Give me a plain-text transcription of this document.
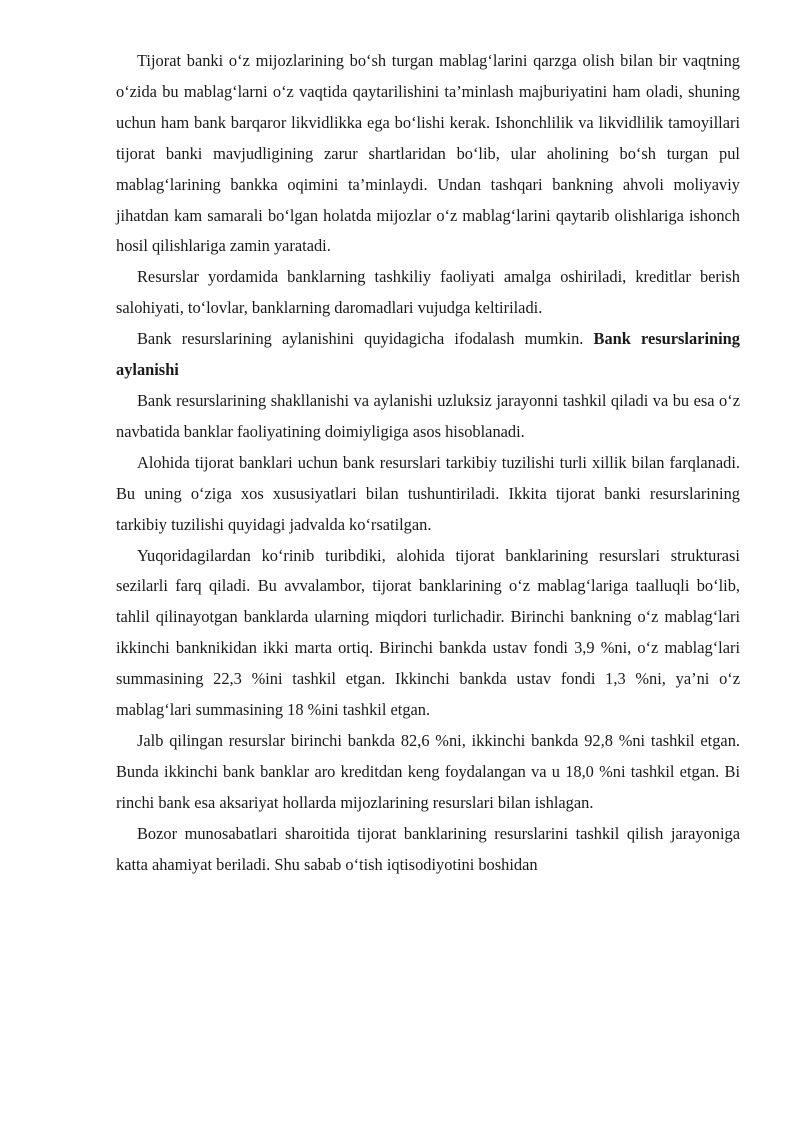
Tijorat banki o‘z mijozlarining bo‘sh turgan mablag‘larini qarzga olish bilan bir vaqtning o‘zida bu mablag‘larni o‘z vaqtida qaytarilishini ta’minlash majburiyatini ham oladi, shuning uchun ham bank barqaror likvidlikka ega bo‘lishi kerak. Ishonchlilik va likvidlilik tamoyillari tijorat banki mavjudligining zarur shartlaridan bo‘lib, ular aholining bo‘sh turgan pul mablag‘larining bankka oqimini ta’minlaydi. Undan tashqari bankning ahvoli moliyaviy jihatdan kam samarali bo‘lgan holatda mijozlar o‘z mablag‘larini qaytarib olishlariga ishonch hosil qilishlariga zamin yaratadi.

Resurslar yordamida banklarning tashkiliy faoliyati amalga oshiriladi, kreditlar berish salohiyati, to‘lovlar, banklarning daromadlari vujudga keltiriladi.

Bank resurslarining aylanishini quyidagicha ifodalash mumkin. Bank resurslarining aylanishi

Bank resurslarining shakllanishi va aylanishi uzluksiz jarayonni tashkil qiladi va bu esa o‘z navbatida banklar faoliyatining doimiyligiga asos hisoblanadi.

Alohida tijorat banklari uchun bank resurslari tarkibiy tuzilishi turli xillik bilan farqlanadi. Bu uning o‘ziga xos xususiyatlari bilan tushuntiriladi. Ikkita tijorat banki resurslarining tarkibiy tuzilishi quyidagi jadvalda ko‘rsatilgan.

Yuqoridagilardan ko‘rinib turibdiki, alohida tijorat banklarining resurslari strukturasi sezilarli farq qiladi. Bu avvalambor, tijorat banklarining o‘z mablag‘lariga taalluqli bo‘lib, tahlil qilinayotgan banklarda ularning miqdori turlichadir. Birinchi bankning o‘z mablag‘lari ikkinchi banknikidan ikki marta ortiq. Birinchi bankda ustav fondi 3,9 %ni, o‘z mablag‘lari summasining 22,3 %ini tashkil etgan. Ikkinchi bankda ustav fondi 1,3 %ni, ya’ni o‘z mablag‘lari summasining 18 %ini tashkil etgan.

Jalb qilingan resurslar birinchi bankda 82,6 %ni, ikkinchi bankda 92,8 %ni tashkil etgan. Bunda ikkinchi bank banklar aro kreditdan keng foydalangan va u 18,0 %ni tashkil etgan. Bi rinchi bank esa aksariyat hollarda mijozlarining resurslari bilan ishlagan.

Bozor munosabatlari sharoitida tijorat banklarining resurslarini tashkil qilish jarayoniga katta ahamiyat beriladi. Shu sabab o‘tish iqtisodiyotini boshidan
